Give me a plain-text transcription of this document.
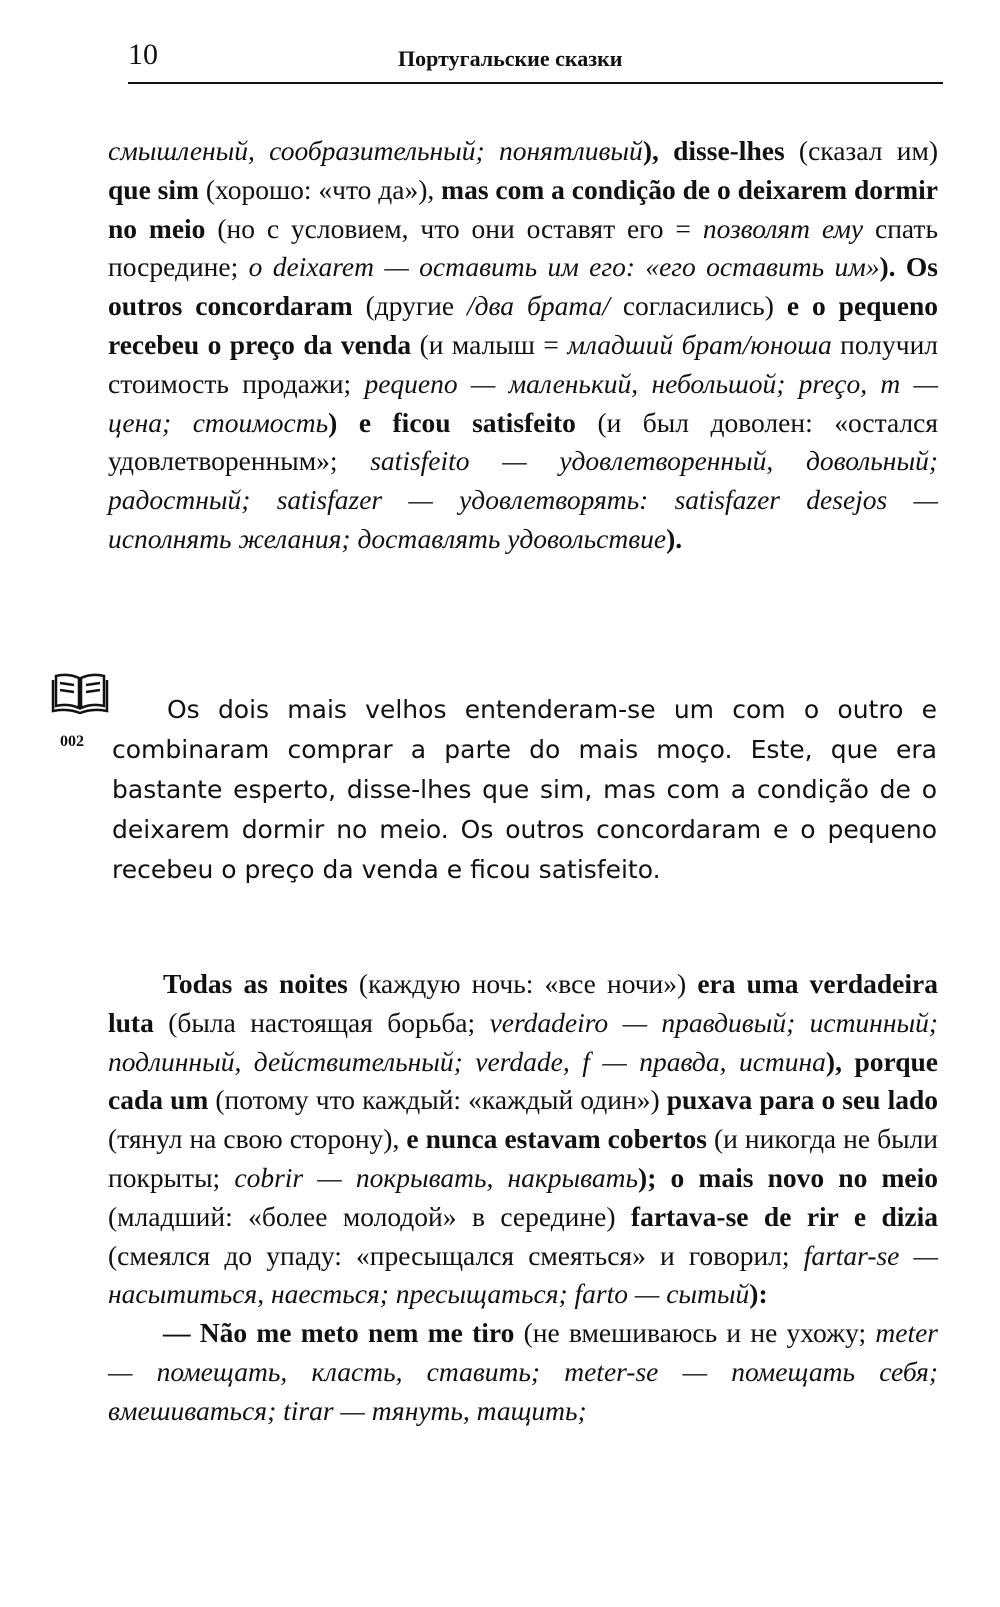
10	Португальские сказки

смышленый, сообразительный; понятливый), disse-lhes (сказал им) que sim (хорошо: «что да»), mas com a condição de o deixarem dormir no meio (но с условием, что они оставят его = позволят ему спать посредине; o deixarem — оставить им его: «его оставить им»). Os outros concordaram (другие /два брата/ согласились) e o pequeno recebeu o preço da venda (и малыш = младший брат/юноша получил стоимость продажи; pequeno — маленький, небольшой; preço, m — цена; стоимость) e ficou satisfeito (и был доволен: «остался удовлетворенным»; satisfeito — удовлетворенный, довольный; радостный; satisfazer — удовлетворять: satisfazer desejos — исполнять желания; доставлять удовольствие).

002

Os dois mais velhos entenderam-se um com o outro e combinaram comprar a parte do mais moço. Este, que era bastante esperto, disse-lhes que sim, mas com a condição de o deixarem dormir no meio. Os outros concordaram e o pequeno recebeu o preço da venda e ficou satisfeito.

Todas as noites (каждую ночь: «все ночи») era uma verdadeira luta (была настоящая борьба; verdadeiro — правдивый; истинный; подлинный, действительный; verdade, f — правда, истина), porque cada um (потому что каждый: «каждый один») puxava para o seu lado (тянул на свою сторону), e nunca estavam cobertos (и никогда не были покрыты; cobrir — покрывать, накрывать); o mais novo no meio (младший: «более молодой» в середине) fartava-se de rir e dizia (смеялся до упаду: «пресыщался смеяться» и говорил; fartar-se — насытиться, наесться; пресыщаться; farto — сытый):

— Não me meto nem me tiro (не вмешиваюсь и не ухожу; meter — помещать, класть, ставить; meter-se — помещать себя; вмешиваться; tirar — тянуть, тащить;
